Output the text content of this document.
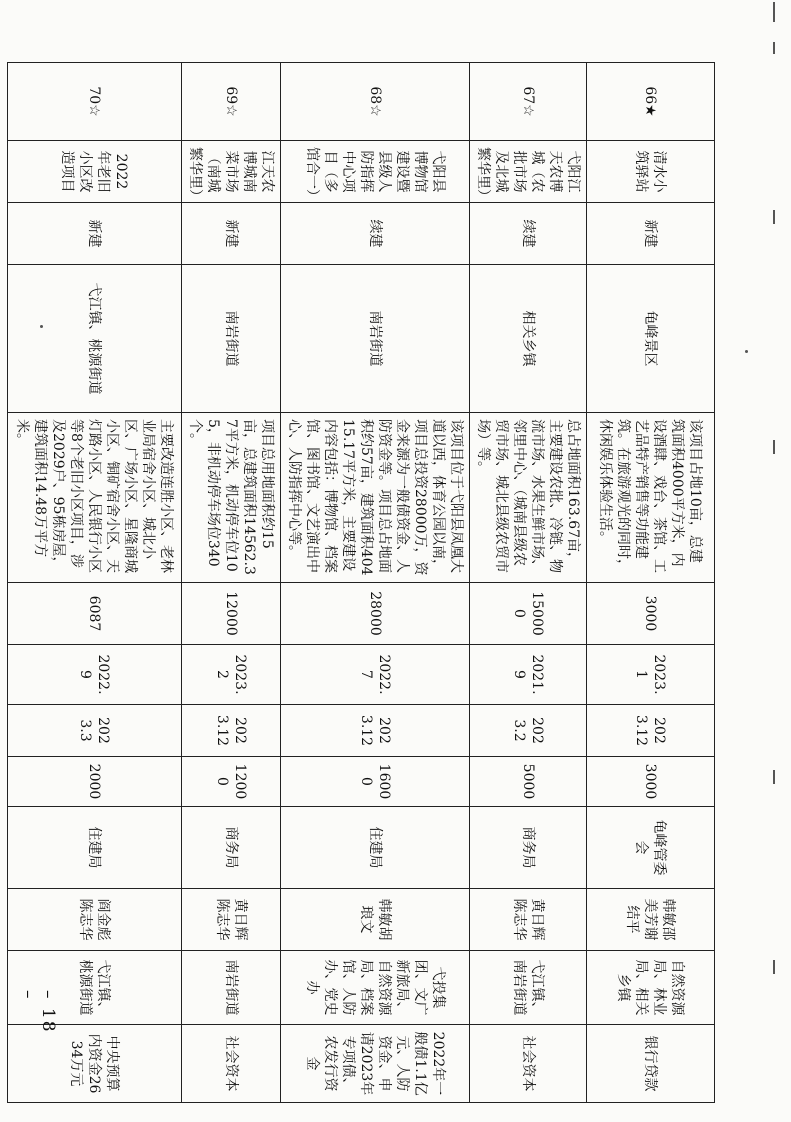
66★	清水小筑驿站	新建	龟峰景区	该项目占地10亩，总建筑面积4000平方米，内设酒肆、戏台、茶馆、工艺品特产销售等功能建筑。在旅游观光的同时，休闲娱乐体验生活。	3000	2023.1	2023.12	3000	龟峰管委会	韩敏邵美芳谢结平	自然资源局、林业局、相关乡镇	银行贷款
67☆	弋阳江天农博城（农批市场及北城繁华里）	续建	相关乡镇	总占地面积163.67亩，主要建设农批、冷链、物流市场、水果生鲜市场、邻里中心、（城南县级农贸市场、城北县级农贸市场）等。	150000	2021.9	2023.2	5000	商务局	黄日辉陈志华	弋江镇、南岩街道	社会资本
68☆	弋阳县博物馆建设暨县级人防指挥中心项目（多馆合一）	续建	南岩街道	该项目位于弋阳县凤凰大道以西，体育公园以南，项目总投资28000万，资金来源为一般债资金、人防资金等。项目总占地面积约57亩，建筑面积40415.17平方米，主要建设内容包括：博物馆、档案馆、图书馆、文艺演出中心、人防指挥中心等。	28000	2022.7	2023.12	16000	住建局	韩敏胡琅文	弋投集团、文广新旅局、自然资源局、档案馆、人防办、党史办	2022年一般债1.1亿元、人防资金、申请2023年专项债、农发行资金
69☆	江天农博城南菜市场（南城繁华里）	新建	南岩街道	项目总用地面积约15亩，总建筑面积14562.37平方米，机动停车位105，非机动停车场位340个。	12000	2023.2	2023.12	12000	商务局	黄日辉陈志华	南岩街道	社会资本
70☆	2022年老旧小区改造项目	新建	弋江镇、桃源街道	主要改造连胜小区、老林业局宿舍小区、城北小区、广场小区、星隆商城小区、铜矿宿舍小区、天灯路小区、人民银行小区等8个老旧小区项目，涉及2029户、95栋房屋，建筑面积14.48万平方米。	6087	2022.9	2023.3	2000	住建局	阎金彪陈志华	弋江镇、桃源街道	中央预算内资金2634万元
– 18 –
